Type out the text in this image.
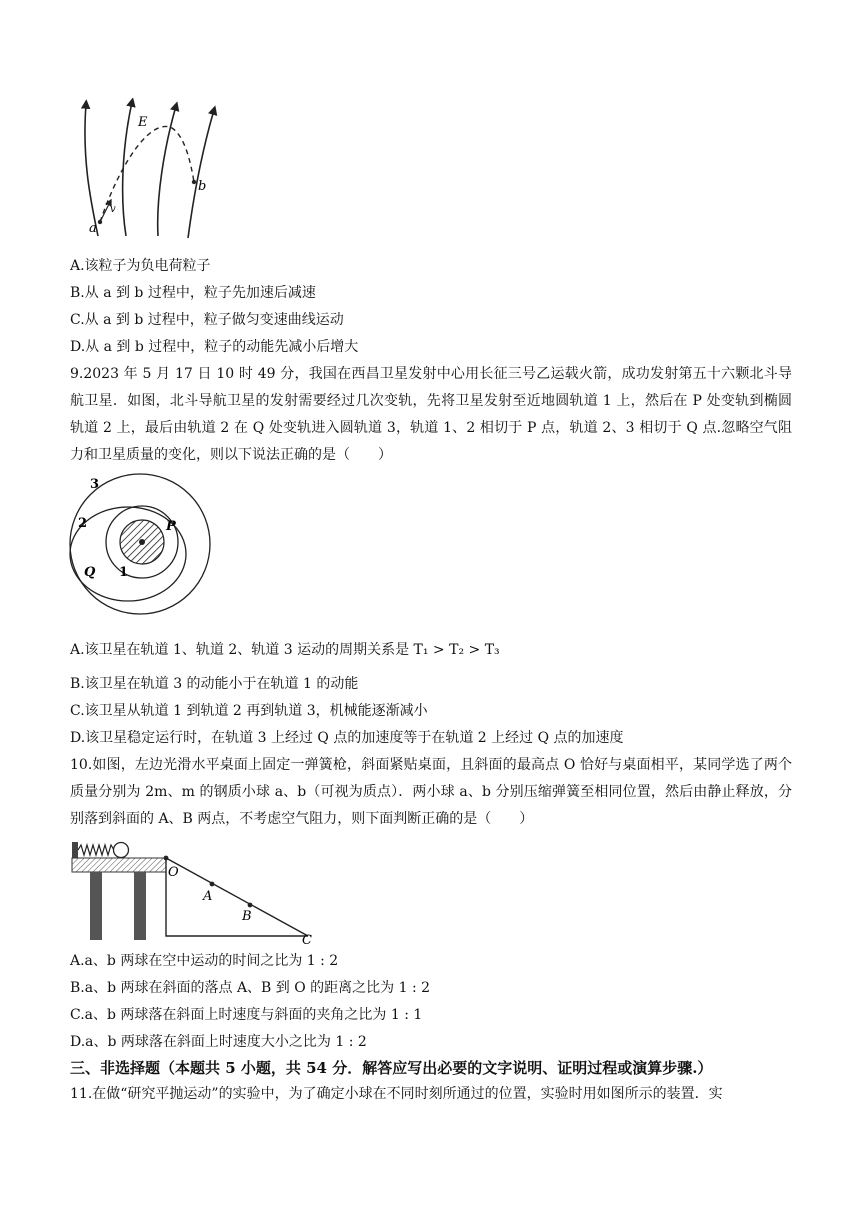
E
a
b
v
A.该粒子为负电荷粒子
B.从 a 到 b 过程中，粒子先加速后减速
C.从 a 到 b 过程中，粒子做匀变速曲线运动
D.从 a 到 b 过程中，粒子的动能先减小后增大
9.2023 年 5 月 17 日 10 时 49 分，我国在西昌卫星发射中心用长征三号乙运载火箭，成功发射第五十六颗北斗导航卫星．如图，北斗导航卫星的发射需要经过几次变轨，先将卫星发射至近地圆轨道 1 上，然后在 P 处变轨到椭圆轨道 2 上，最后由轨道 2 在 Q 处变轨进入圆轨道 3，轨道 1、2 相切于 P 点，轨道 2、3 相切于 Q 点.忽略空气阻力和卫星质量的变化，则以下说法正确的是（　　）
3
2
1
P
Q
A.该卫星在轨道 1、轨道 2、轨道 3 运动的周期关系是 T₁ > T₂ > T₃
B.该卫星在轨道 3 的动能小于在轨道 1 的动能
C.该卫星从轨道 1 到轨道 2 再到轨道 3，机械能逐渐减小
D.该卫星稳定运行时，在轨道 3 上经过 Q 点的加速度等于在轨道 2 上经过 Q 点的加速度
10.如图，左边光滑水平桌面上固定一弹簧枪，斜面紧贴桌面，且斜面的最高点 O 恰好与桌面相平，某同学选了两个质量分别为 2m、m 的钢质小球 a、b（可视为质点）．两小球 a、b 分别压缩弹簧至相同位置，然后由静止释放，分别落到斜面的 A、B 两点，不考虑空气阻力，则下面判断正确的是（　　）
O
A
B
C
A.a、b 两球在空中运动的时间之比为 1 : 2
B.a、b 两球在斜面的落点 A、B 到 O 的距离之比为 1 : 2
C.a、b 两球落在斜面上时速度与斜面的夹角之比为 1 : 1
D.a、b 两球落在斜面上时速度大小之比为 1 : 2
三、非选择题（本题共 5 小题，共 54 分．解答应写出必要的文字说明、证明过程或演算步骤.）
11.在做“研究平抛运动”的实验中，为了确定小球在不同时刻所通过的位置，实验时用如图所示的装置．实
